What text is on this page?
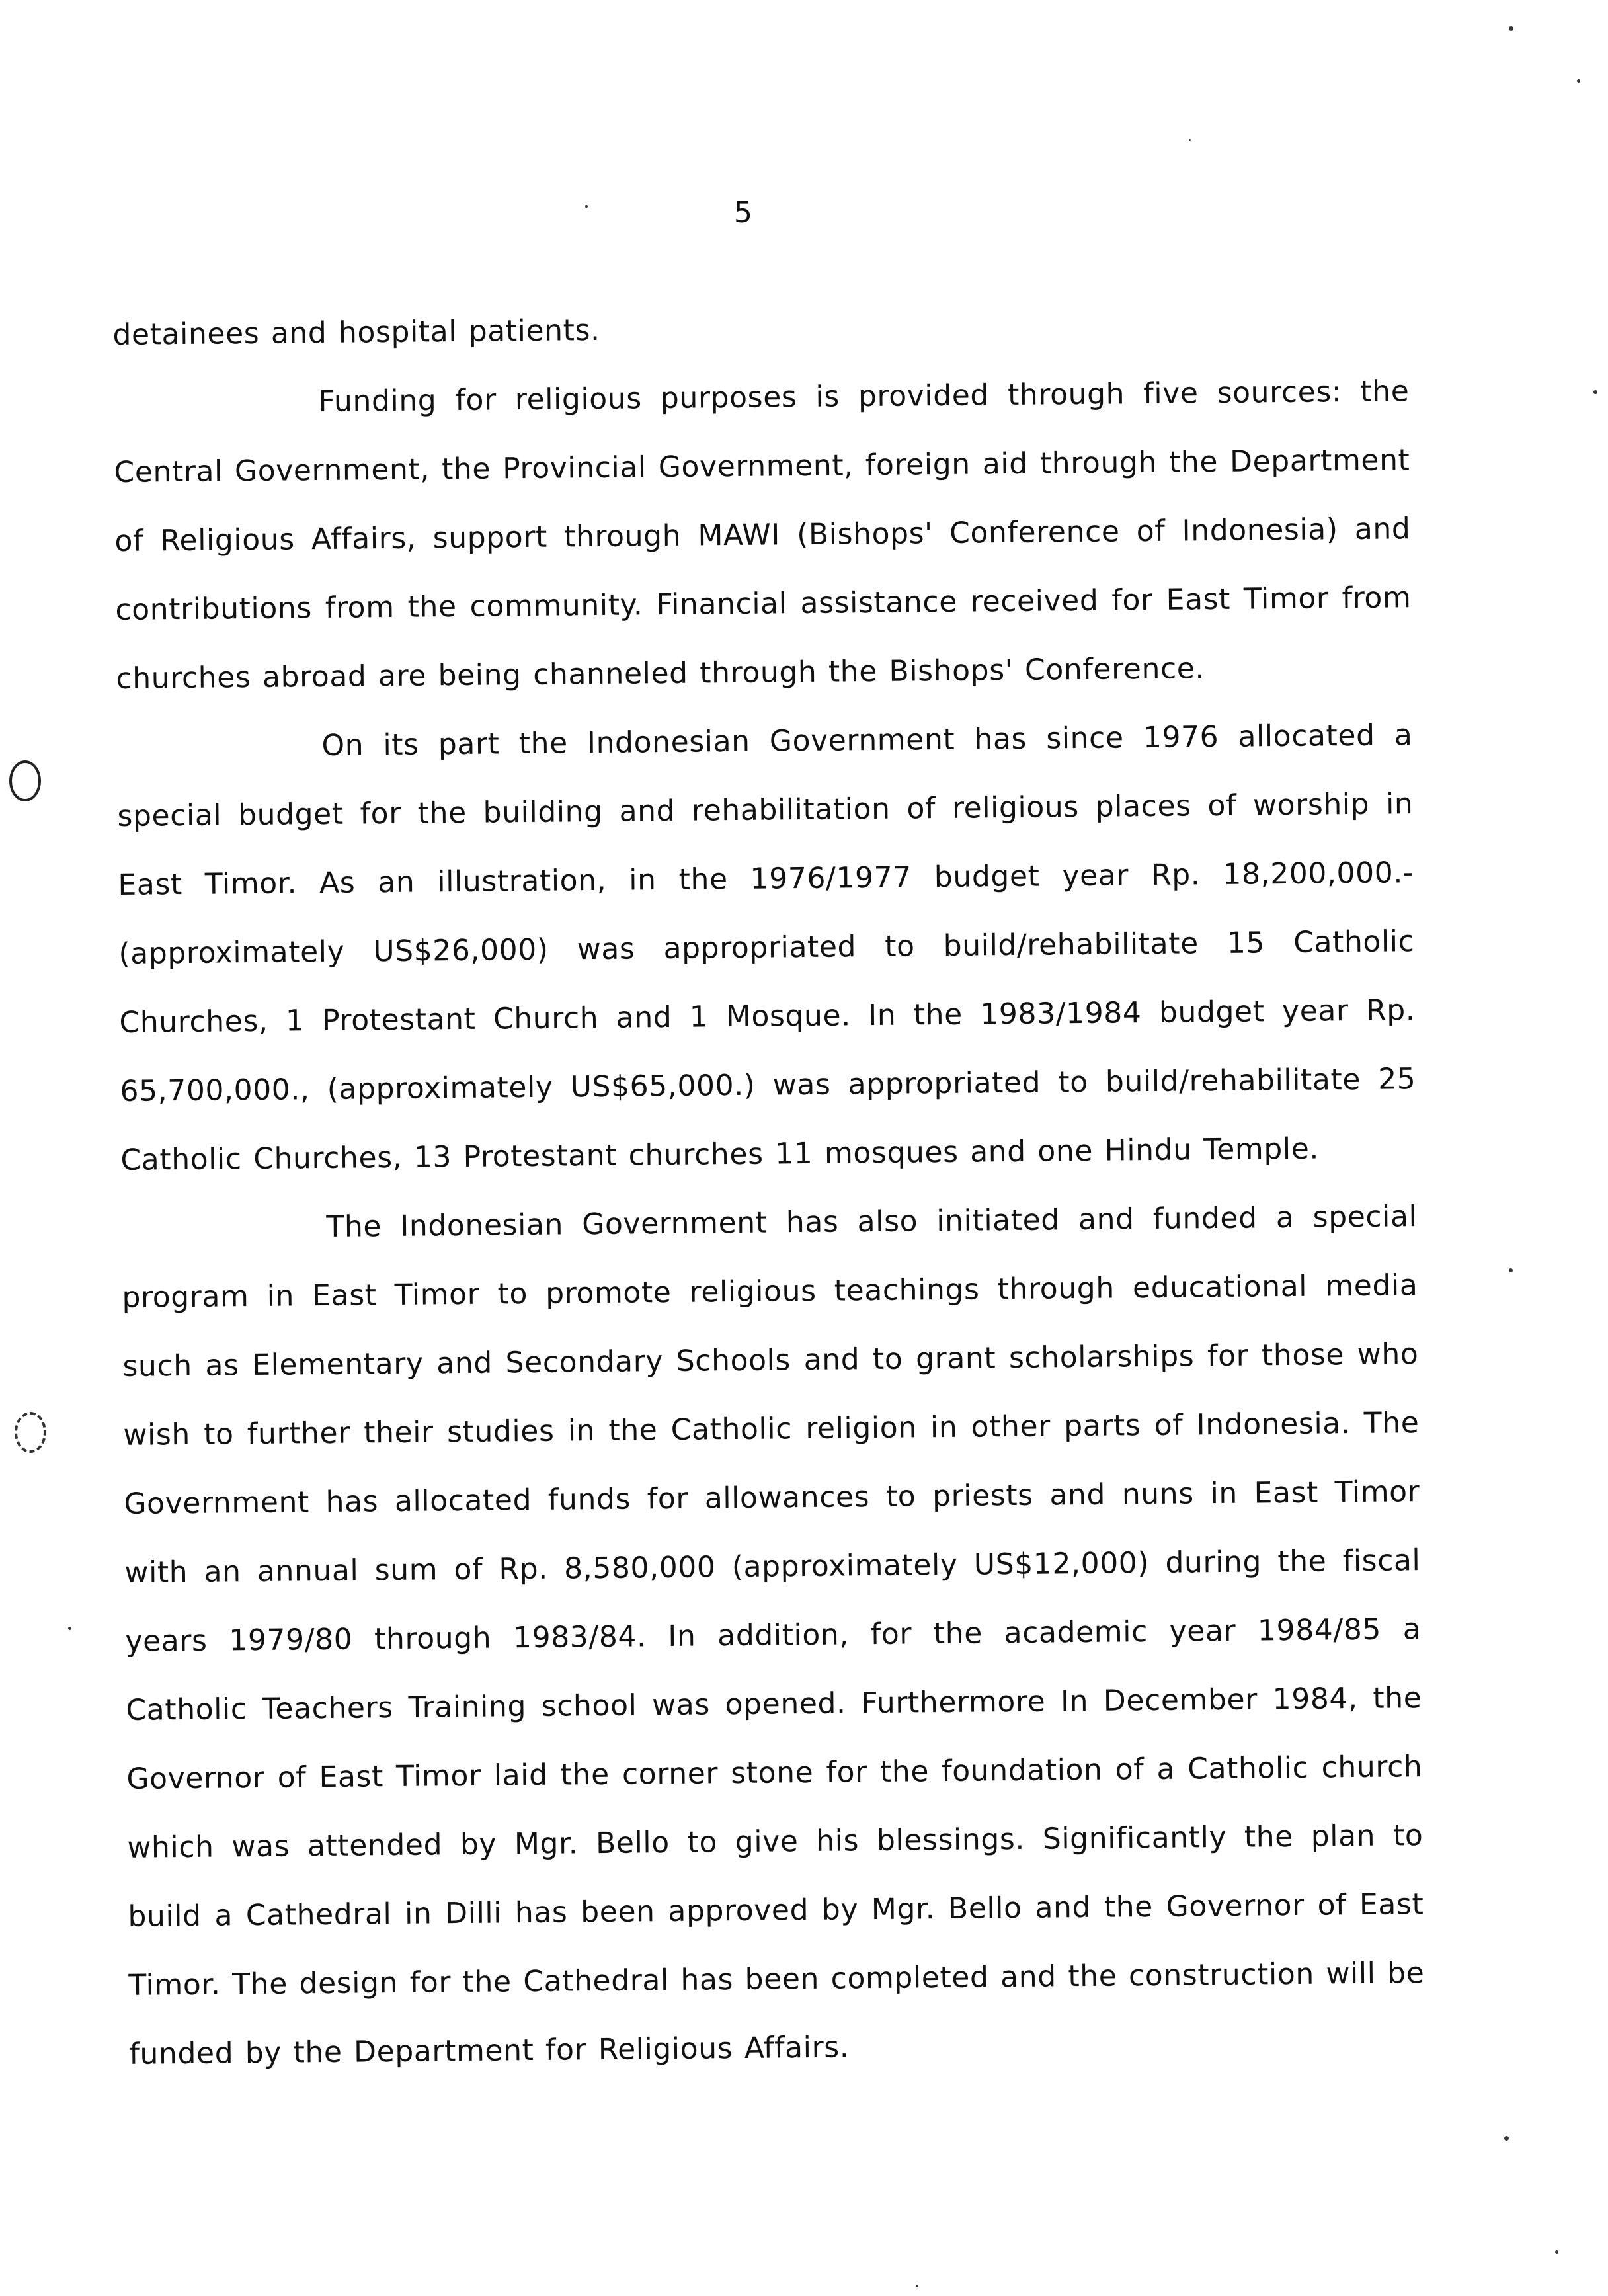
5

detainees and hospital patients.

Funding for religious purposes is provided through five sources: the Central Government, the Provincial Government, foreign aid through the Department of Religious Affairs, support through MAWI (Bishops' Conference of Indonesia) and contributions from the community. Financial assistance received for East Timor from churches abroad are being channeled through the Bishops' Conference.

On its part the Indonesian Government has since 1976 allocated a special budget for the building and rehabilitation of religious places of worship in East Timor. As an illustration, in the 1976/1977 budget year Rp. 18,200,000.- (approximately US$26,000) was appropriated to build/rehabilitate 15 Catholic Churches, 1 Protestant Church and 1 Mosque. In the 1983/1984 budget year Rp. 65,700,000., (approximately US$65,000.) was appropriated to build/rehabilitate 25 Catholic Churches, 13 Protestant churches 11 mosques and one Hindu Temple.

The Indonesian Government has also initiated and funded a special program in East Timor to promote religious teachings through educational media such as Elementary and Secondary Schools and to grant scholarships for those who wish to further their studies in the Catholic religion in other parts of Indonesia. The Government has allocated funds for allowances to priests and nuns in East Timor with an annual sum of Rp. 8,580,000 (approximately US$12,000) during the fiscal years 1979/80 through 1983/84. In addition, for the academic year 1984/85 a Catholic Teachers Training school was opened. Furthermore In December 1984, the Governor of East Timor laid the corner stone for the foundation of a Catholic church which was attended by Mgr. Bello to give his blessings. Significantly the plan to build a Cathedral in Dilli has been approved by Mgr. Bello and the Governor of East Timor. The design for the Cathedral has been completed and the construction will be funded by the Department for Religious Affairs.
